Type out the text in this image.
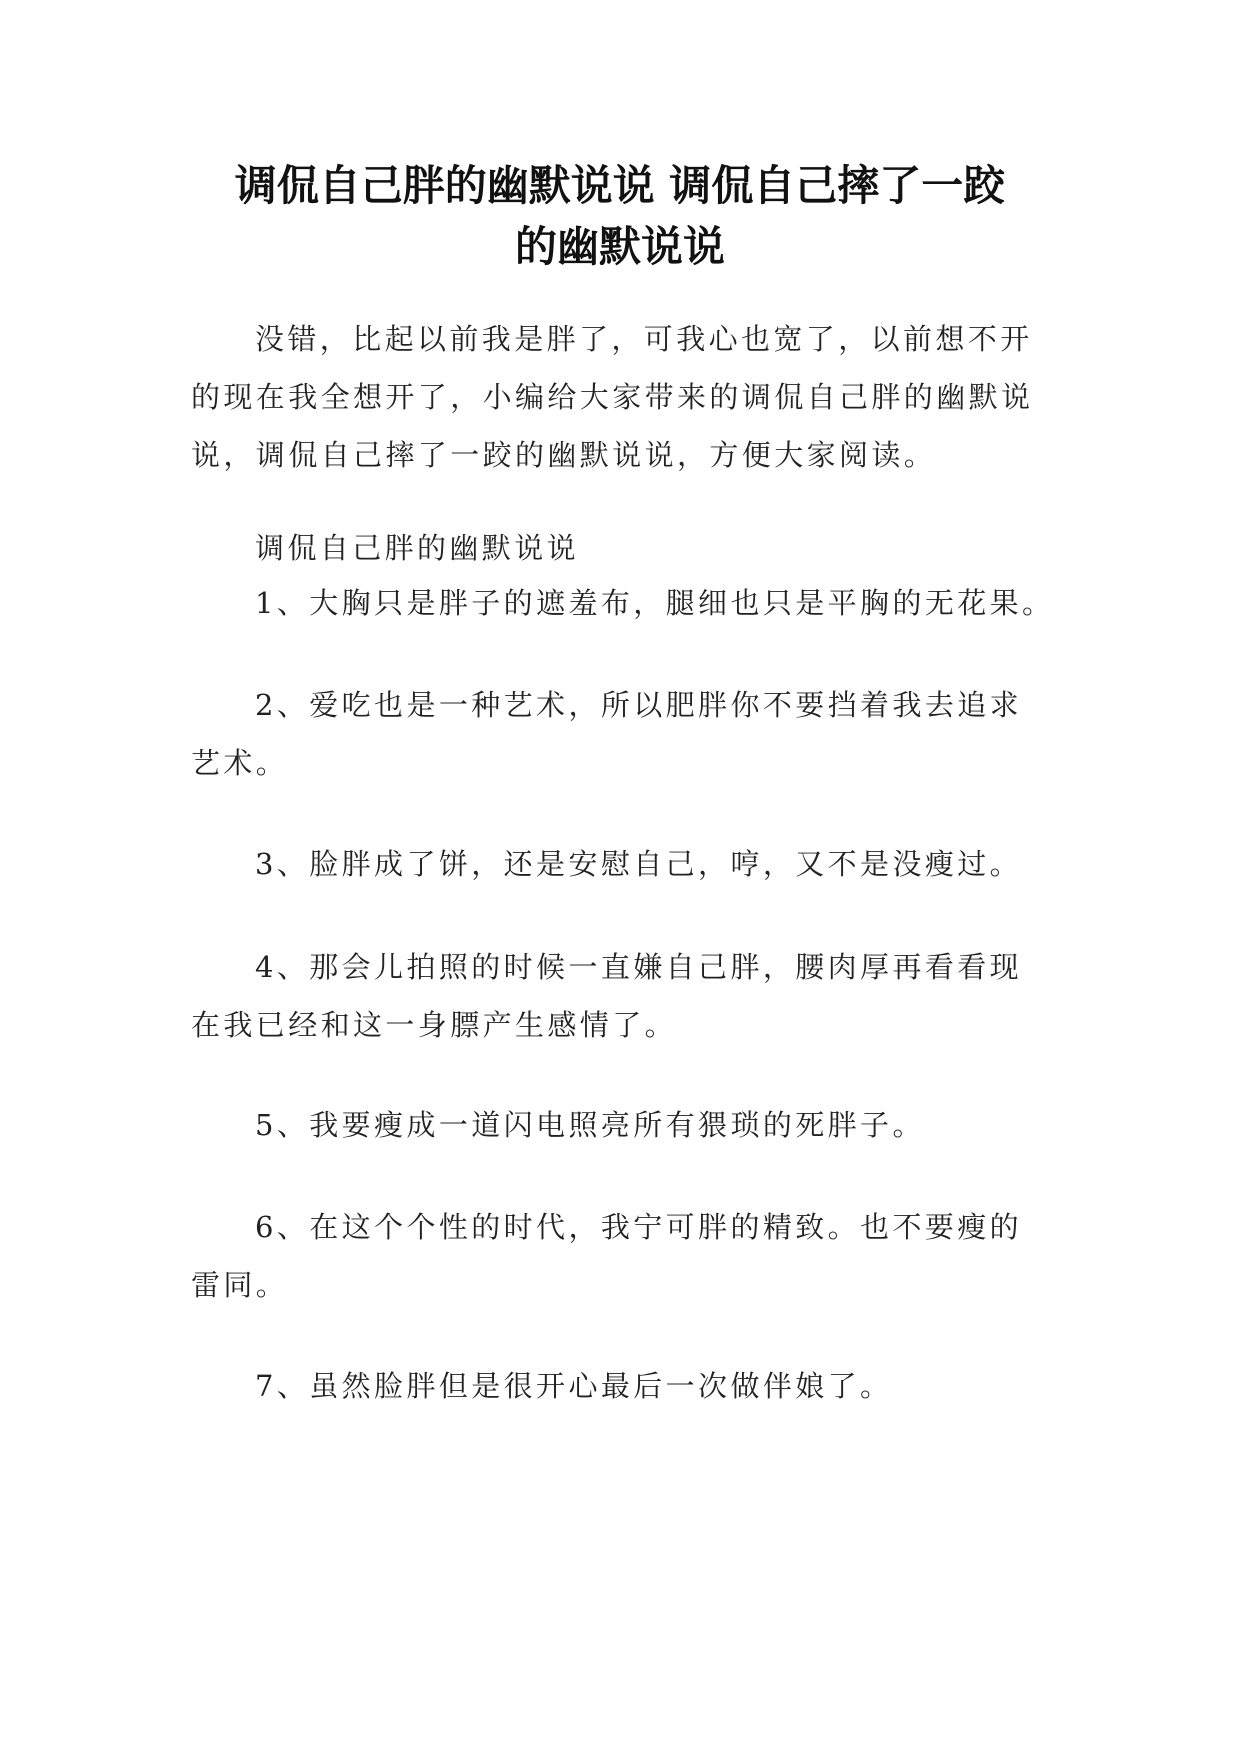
调侃自己胖的幽默说说 调侃自己摔了一跤
的幽默说说
没错，比起以前我是胖了，可我心也宽了，以前想不开
的现在我全想开了，小编给大家带来的调侃自己胖的幽默说
说，调侃自己摔了一跤的幽默说说，方便大家阅读。
调侃自己胖的幽默说说
1、大胸只是胖子的遮羞布，腿细也只是平胸的无花果。
2、爱吃也是一种艺术，所以肥胖你不要挡着我去追求
艺术。
3、脸胖成了饼，还是安慰自己，哼，又不是没瘦过。
4、那会儿拍照的时候一直嫌自己胖，腰肉厚再看看现
在我已经和这一身膘产生感情了。
5、我要瘦成一道闪电照亮所有猥琐的死胖子。
6、在这个个性的时代，我宁可胖的精致。也不要瘦的
雷同。
7、虽然脸胖但是很开心最后一次做伴娘了。
